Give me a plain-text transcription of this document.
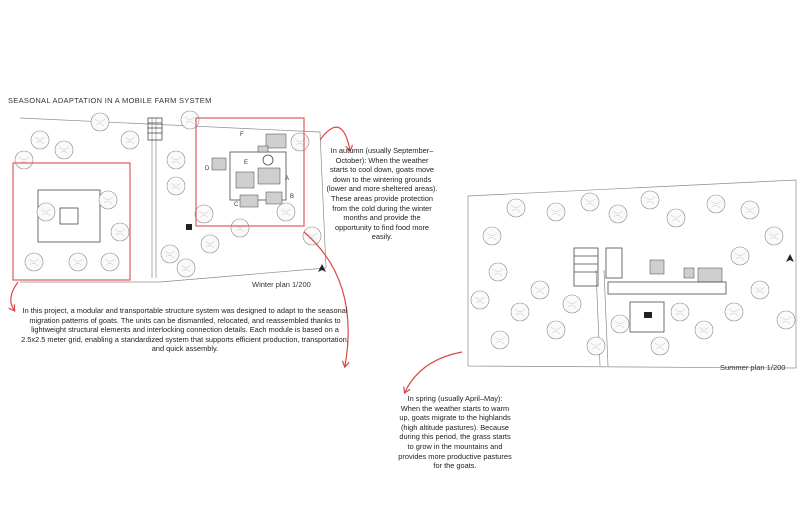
SEASONAL ADAPTATION IN A MOBILE FARM SYSTEM
Winter plan 1/200
Summer plan 1/200
F
E
D
C
B
A
In autumn (usually September–October): When the weather starts to cool down, goats move down to the wintering grounds (lower and more sheltered areas). These areas provide protection from the cold during the winter months and provide the opportunity to find food more easily.
In this project, a modular and transportable structure system was designed to adapt to the seasonal migration patterns of goats. The units can be dismantled, relocated, and reassembled thanks to lightweight structural elements and interlocking connection details. Each module is based on a 2.5x2.5 meter grid, enabling a standardized system that supports efficient production, transportation, and quick assembly.
In spring (usually April–May): When the weather starts to warm up, goats migrate to the highlands (high altitude pastures). Because during this period, the grass starts to grow in the mountains and provides more productive pastures for the goats.
